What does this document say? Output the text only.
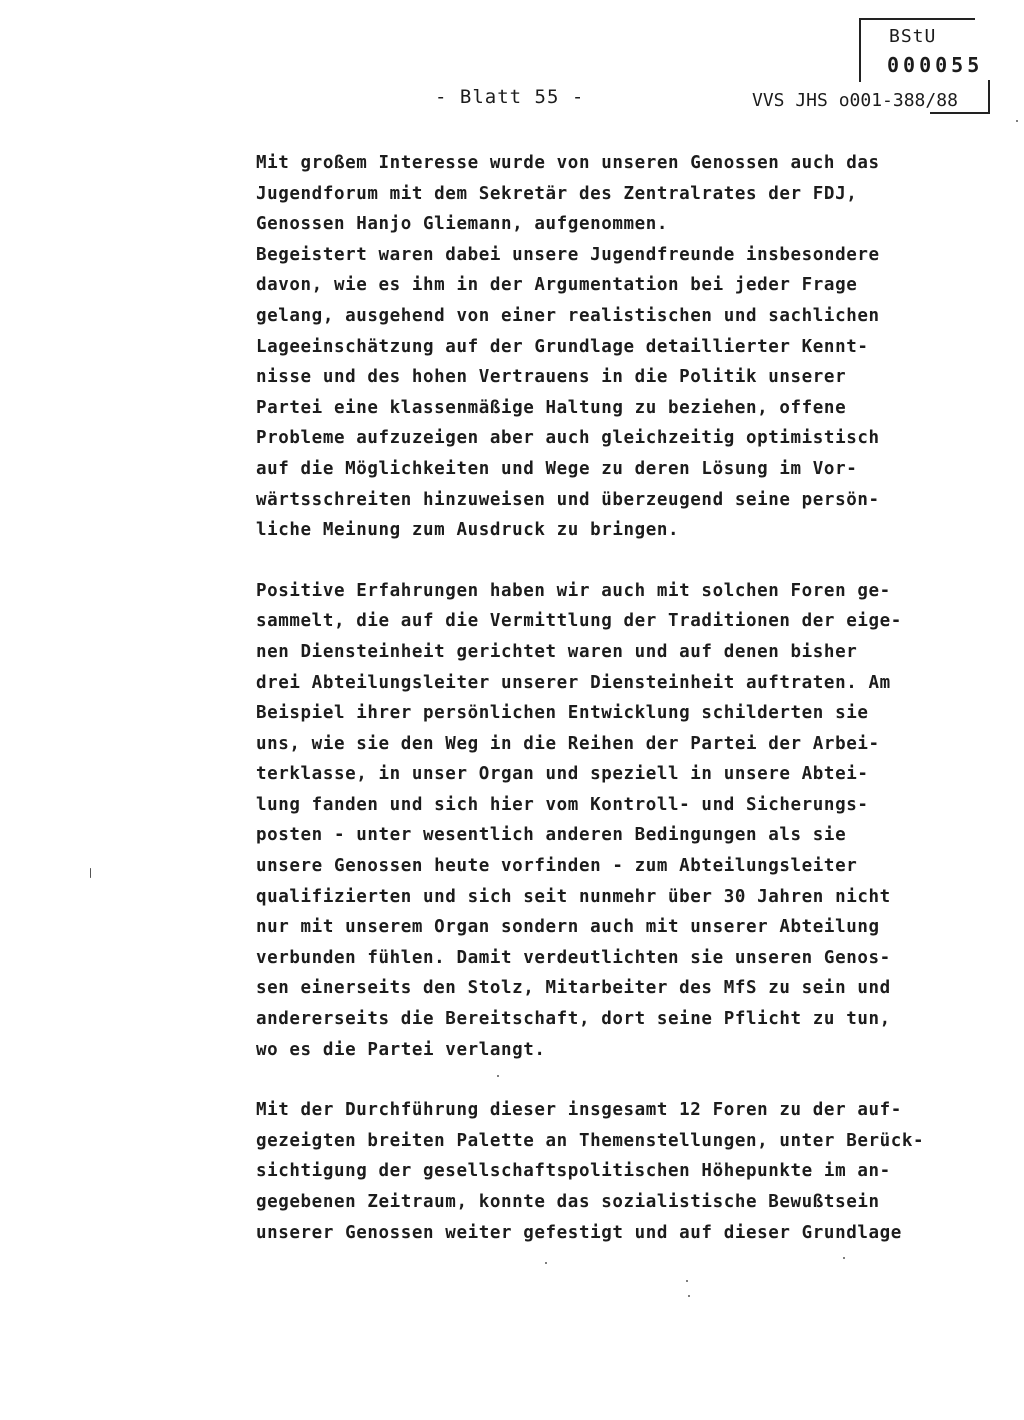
BStU
000055
- Blatt 55 -	VVS JHS o001-388/88
Mit großem Interesse wurde von unseren Genossen auch das
Jugendforum mit dem Sekretär des Zentralrates der FDJ,
Genossen Hanjo Gliemann, aufgenommen.
Begeistert waren dabei unsere Jugendfreunde insbesondere
davon, wie es ihm in der Argumentation bei jeder Frage
gelang, ausgehend von einer realistischen und sachlichen
Lageeinschätzung auf der Grundlage detaillierter Kennt-
nisse und des hohen Vertrauens in die Politik unserer
Partei eine klassenmäßige Haltung zu beziehen, offene
Probleme aufzuzeigen aber auch gleichzeitig optimistisch
auf die Möglichkeiten und Wege zu deren Lösung im Vor-
wärtsschreiten hinzuweisen und überzeugend seine persön-
liche Meinung zum Ausdruck zu bringen.
Positive Erfahrungen haben wir auch mit solchen Foren ge-
sammelt, die auf die Vermittlung der Traditionen der eige-
nen Diensteinheit gerichtet waren und auf denen bisher
drei Abteilungsleiter unserer Diensteinheit auftraten. Am
Beispiel ihrer persönlichen Entwicklung schilderten sie
uns, wie sie den Weg in die Reihen der Partei der Arbei-
terklasse, in unser Organ und speziell in unsere Abtei-
lung fanden und sich hier vom Kontroll- und Sicherungs-
posten - unter wesentlich anderen Bedingungen als sie
unsere Genossen heute vorfinden - zum Abteilungsleiter
qualifizierten und sich seit nunmehr über 30 Jahren nicht
nur mit unserem Organ sondern auch mit unserer Abteilung
verbunden fühlen. Damit verdeutlichten sie unseren Genos-
sen einerseits den Stolz, Mitarbeiter des MfS zu sein und
andererseits die Bereitschaft, dort seine Pflicht zu tun,
wo es die Partei verlangt.
Mit der Durchführung dieser insgesamt 12 Foren zu der auf-
gezeigten breiten Palette an Themenstellungen, unter Berück-
sichtigung der gesellschaftspolitischen Höhepunkte im an-
gegebenen Zeitraum, konnte das sozialistische Bewußtsein
unserer Genossen weiter gefestigt und auf dieser Grundlage
